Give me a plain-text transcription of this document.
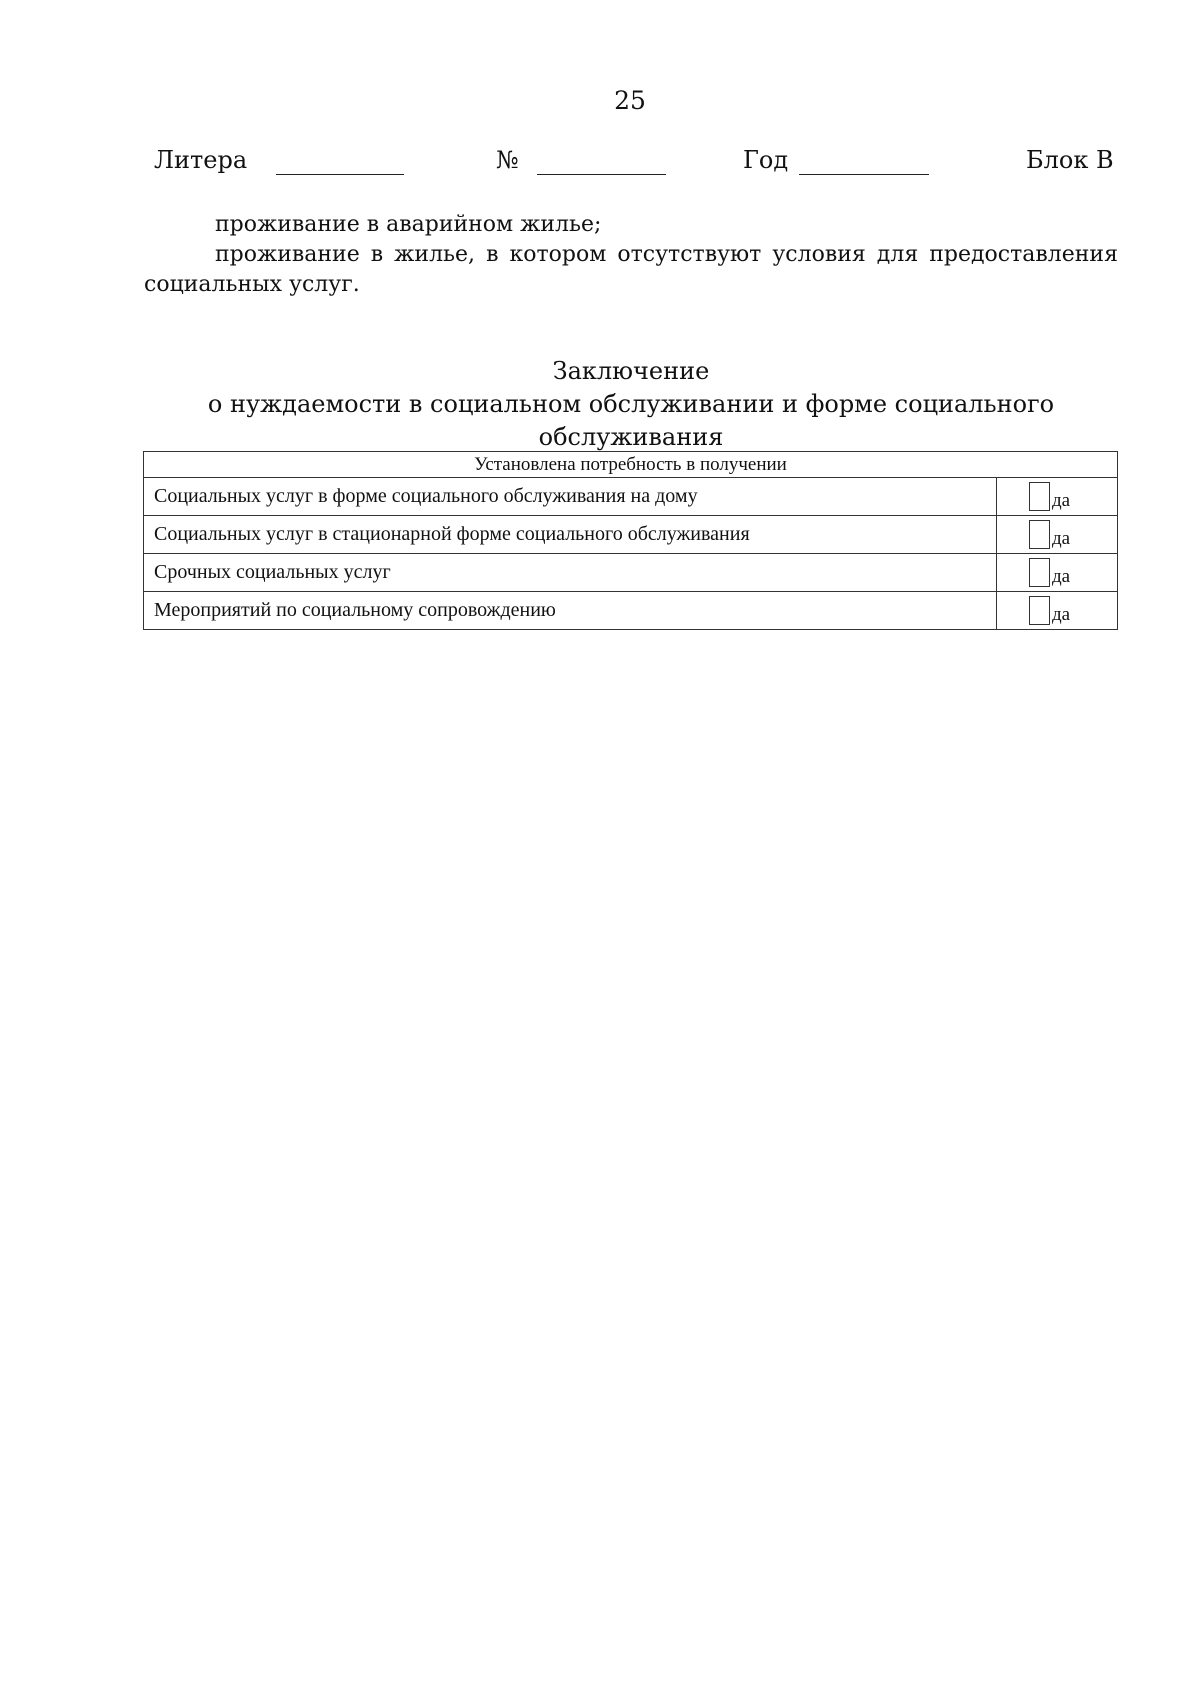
25
Литера	№	Год	Блок В
проживание в аварийном жилье;
проживание в жилье, в котором отсутствуют условия для предоставления
социальных услуг.
Заключение
о нуждаемости в социальном обслуживании и форме социального
обслуживания
Установлена потребность в получении	
Социальных услуг в форме социального обслуживания на дому	да
Социальных услуг в стационарной форме социального обслуживания	да
Срочных социальных услуг	да
Мероприятий по социальному сопровождению	да
